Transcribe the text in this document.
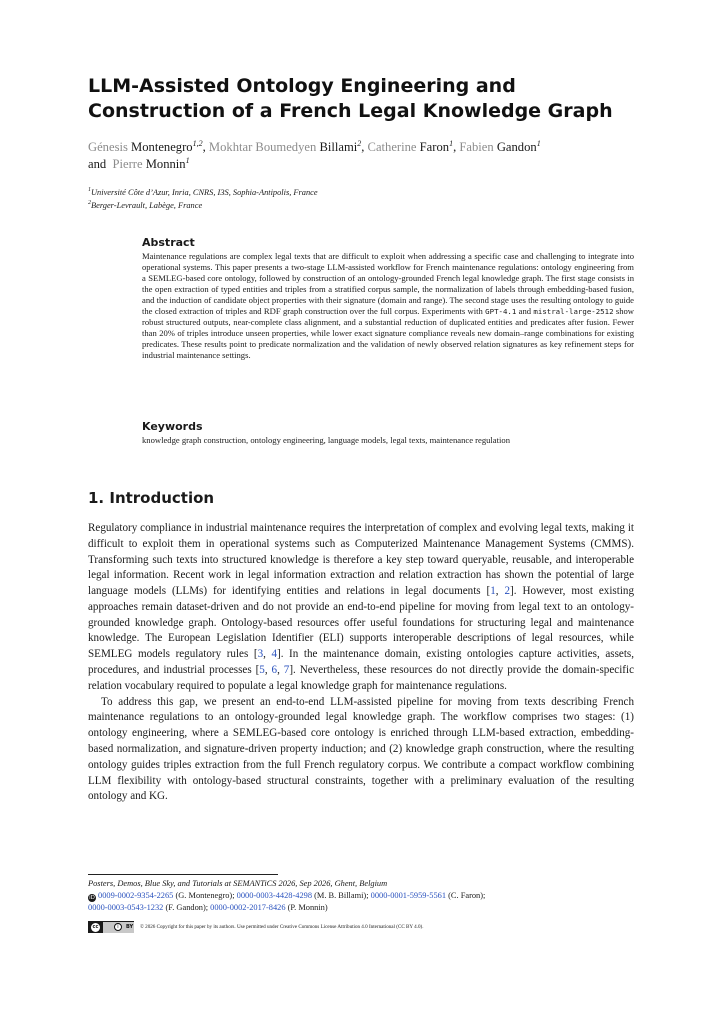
LLM-Assisted Ontology Engineering and Construction of a French Legal Knowledge Graph
Génesis Montenegro$^{1,2}$, Mokhtar Boumedyen Billami$^2$, Catherine Faron$^1$, Fabien Gandon$^1$
and Pierre Monnin$^1$
$^1$Université Côte d’Azur, Inria, CNRS, I3S, Sophia-Antipolis, France
$^2$Berger-Levrault, Labège, France
Abstract

Maintenance regulations are complex legal texts that are difficult to exploit when addressing a specific case and challenging to integrate into operational systems. This paper presents a two-stage LLM-assisted workflow for French maintenance regulations: ontology engineering from a SEMLEG-based core ontology, followed by construction of an ontology-grounded French legal knowledge graph. The first stage consists in the open extraction of typed entities and triples from a stratified corpus sample, the normalization of labels through embedding-based fusion, and the induction of candidate object properties with their signature (domain and range). The second stage uses the resulting ontology to guide the closed extraction of triples and RDF graph construction over the full corpus. Experiments with GPT-4.1 and mistral-large-2512 show robust structured outputs, near-complete class alignment, and a substantial reduction of duplicated entities and predicates after fusion. Fewer than 20% of triples introduce unseen properties, while lower exact signature compliance reveals new domain–range combinations for existing predicates. These results point to predicate normalization and the validation of newly observed relation signatures as key refinement steps for industrial maintenance settings.

Keywords

knowledge graph construction, ontology engineering, language models, legal texts, maintenance regulation

1. Introduction

Regulatory compliance in industrial maintenance requires the interpretation of complex and evolving legal texts, making it difficult to exploit them in operational systems such as Computerized Maintenance Management Systems (CMMS). Transforming such texts into structured knowledge is therefore a key step toward queryable, reusable, and interoperable legal information. Recent work in legal information extraction and relation extraction has shown the potential of large language models (LLMs) for identifying entities and relations in legal documents [1, 2]. However, most existing approaches remain dataset-driven and do not provide an end-to-end pipeline for moving from legal text to an ontology-grounded knowledge graph. Ontology-based resources offer useful foundations for structuring legal and maintenance knowledge. The European Legislation Identifier (ELI) supports interoperable descriptions of legal resources, while SEMLEG models regulatory rules [3, 4]. In the maintenance domain, existing ontologies capture activities, assets, procedures, and industrial processes [5, 6, 7]. Nevertheless, these resources do not directly provide the domain-specific relation vocabulary required to populate a legal knowledge graph for maintenance regulations.

To address this gap, we present an end-to-end LLM-assisted pipeline for moving from texts describing French maintenance regulations to an ontology-grounded legal knowledge graph. The workflow comprises two stages: (1) ontology engineering, where a SEMLEG-based core ontology is enriched through LLM-based extraction, embedding-based normalization, and signature-driven property induction; and (2) knowledge graph construction, where the resulting ontology guides triples extraction from the full French regulatory corpus. We contribute a compact workflow combining LLM flexibility with ontology-based structural constraints, together with a preliminary evaluation of the resulting ontology and KG.

Posters, Demos, Blue Sky, and Tutorials at SEMANTiCS 2026, Sep 2026, Ghent, Belgium

iD 0009-0002-9354-2265 (G. Montenegro); 0000-0003-4428-4298 (M. B. Billami); 0000-0001-5959-5561 (C. Faron);
0000-0003-0543-1232 (F. Gandon); 0000-0002-2017-8426 (P. Monnin)

cc	i	BY © 2026 Copyright for this paper by its authors. Use permitted under Creative Commons License Attribution 4.0 International (CC BY 4.0).
